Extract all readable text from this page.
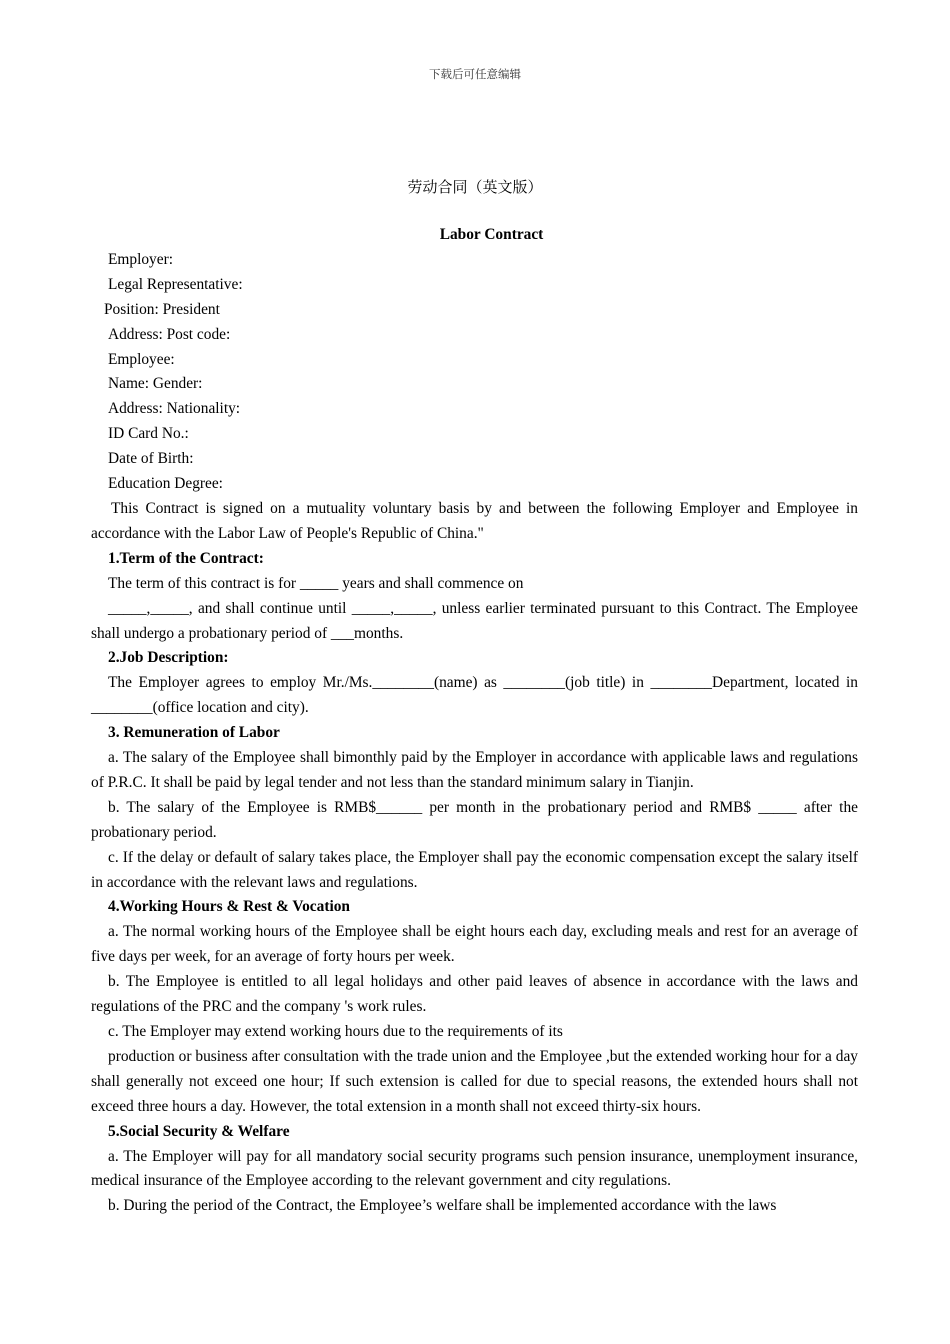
下载后可任意编辑
劳动合同（英文版）

Labor Contract

Employer:

Legal Representative:

Position: President

Address: Post code:

Employee:

Name: Gender:

Address: Nationality:

ID Card No.:

Date of Birth:

Education Degree:

This Contract is signed on a mutuality voluntary basis by and between the following Employer and Employee in accordance with the Labor Law of People's Republic of China."

1.Term of the Contract:

The term of this contract is for _____ years and shall commence on

_____,_____, and shall continue until _____,_____, unless earlier terminated pursuant to this Contract. The Employee shall undergo a probationary period of ___months.

2.Job Description:

The Employer agrees to employ Mr./Ms.________(name) as ________(job title) in ________Department, located in ________(office location and city).

3. Remuneration of Labor

a. The salary of the Employee shall bimonthly paid by the Employer in accordance with applicable laws and regulations of P.R.C. It shall be paid by legal tender and not less than the standard minimum salary in Tianjin.

b. The salary of the Employee is RMB$______ per month in the probationary period and RMB$ _____ after the probationary period.

c. If the delay or default of salary takes place, the Employer shall pay the economic compensation except the salary itself in accordance with the relevant laws and regulations.

4.Working Hours & Rest & Vocation

a. The normal working hours of the Employee shall be eight hours each day, excluding meals and rest for an average of five days per week, for an average of forty hours per week.

b. The Employee is entitled to all legal holidays and other paid leaves of absence in accordance with the laws and regulations of the PRC and the company 's work rules.

c. The Employer may extend working hours due to the requirements of its

production or business after consultation with the trade union and the Employee ,but the extended working hour for a day shall generally not exceed one hour; If such extension is called for due to special reasons, the extended hours shall not exceed three hours a day. However, the total extension in a month shall not exceed thirty-six hours.

5.Social Security & Welfare

a. The Employer will pay for all mandatory social security programs such pension insurance, unemployment insurance, medical insurance of the Employee according to the relevant government and city regulations.

b. During the period of the Contract, the Employee’s welfare shall be implemented accordance with the laws
